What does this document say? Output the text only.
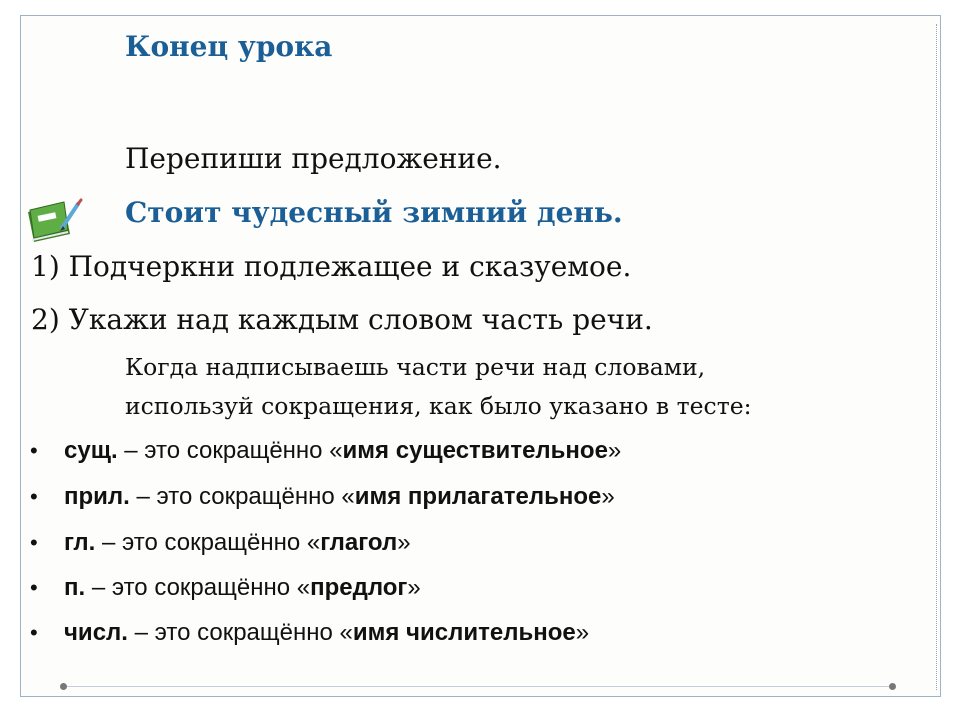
Конец урока
Перепиши предложение.
Стоит чудесный зимний день.
1) Подчеркни подлежащее и сказуемое.
2) Укажи над каждым словом часть речи.
Когда надписываешь части речи над словами,
используй сокращения, как было указано в тесте:
• сущ. – это сокращённо «имя существительное»
• прил. – это сокращённо «имя прилагательное»
• гл. – это сокращённо «глагол»
• п. – это сокращённо «предлог»
• числ. – это сокращённо «имя числительное»
